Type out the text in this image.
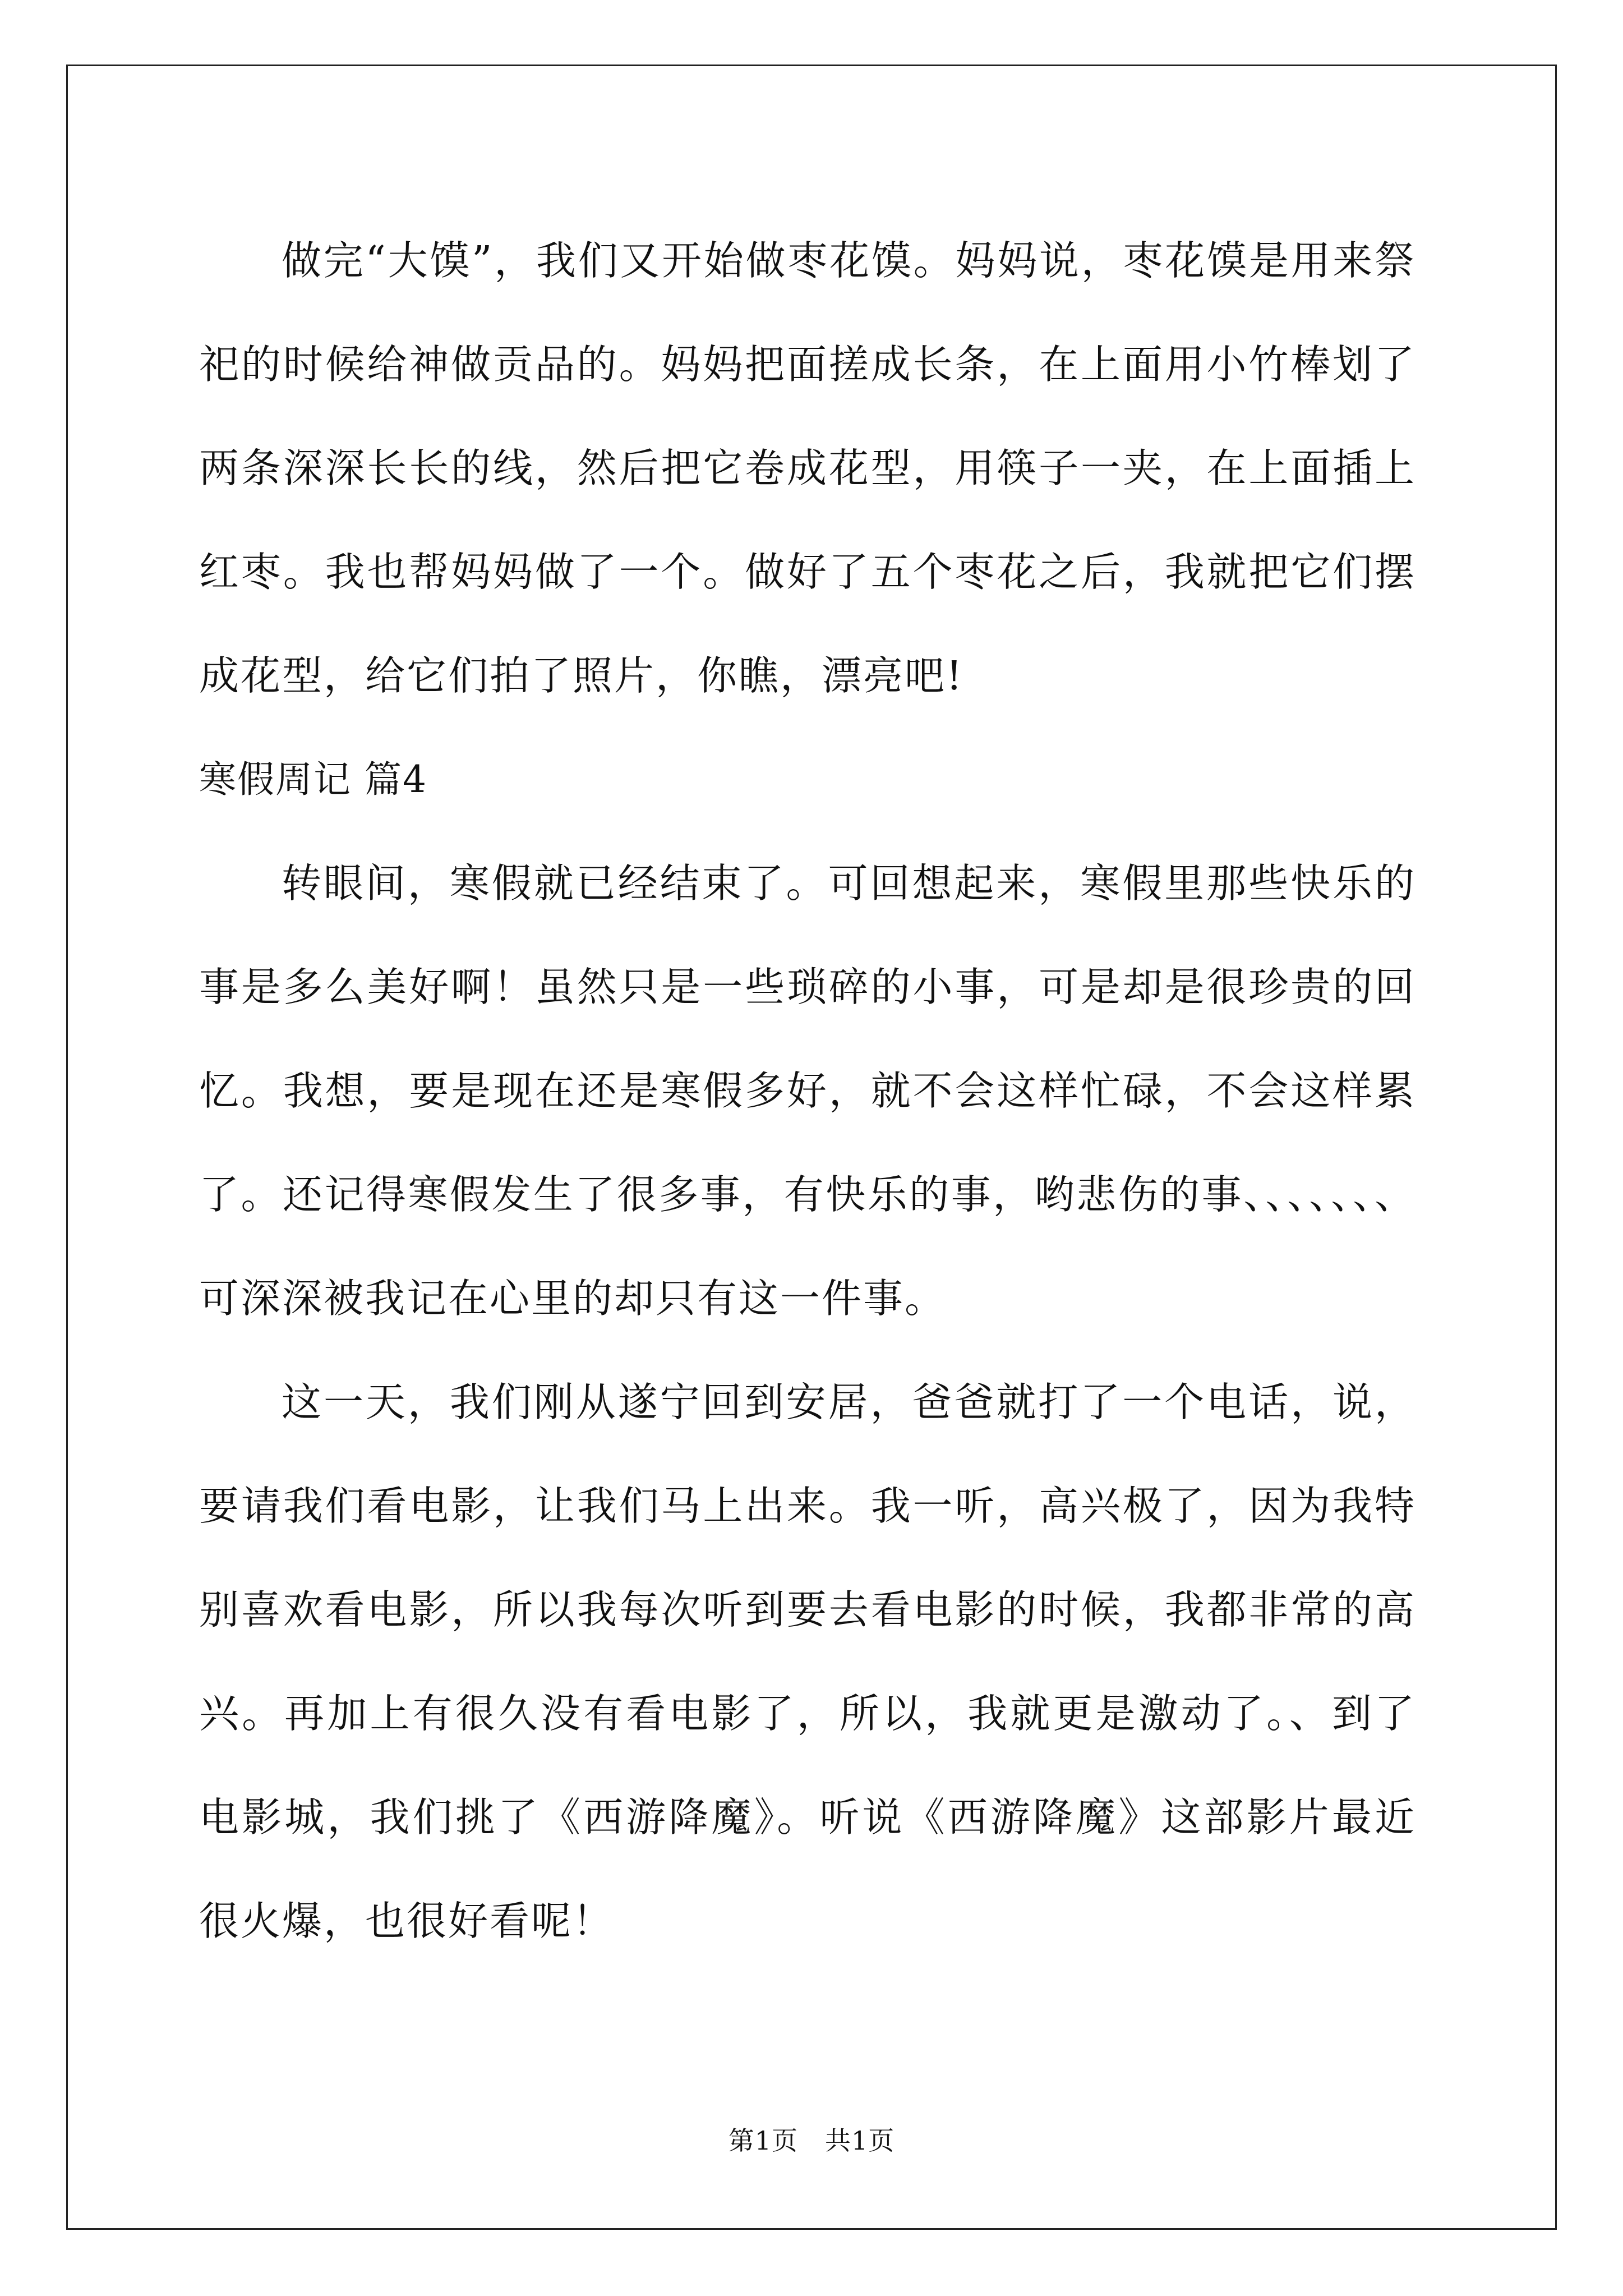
做完“大馍”，我们又开始做枣花馍。妈妈说，枣花馍是用来祭祀的时候给神做贡品的。妈妈把面搓成长条，在上面用小竹棒划了两条深深长长的线，然后把它卷成花型，用筷子一夹，在上面插上红枣。我也帮妈妈做了一个。做好了五个枣花之后，我就把它们摆成花型，给它们拍了照片，你瞧，漂亮吧!

寒假周记 篇4

转眼间，寒假就已经结束了。可回想起来，寒假里那些快乐的事是多么美好啊！虽然只是一些琐碎的小事，可是却是很珍贵的回忆。我想，要是现在还是寒假多好，就不会这样忙碌，不会这样累了。还记得寒假发生了很多事，有快乐的事，哟悲伤的事、、、、、、、可深深被我记在心里的却只有这一件事。

这一天，我们刚从遂宁回到安居，爸爸就打了一个电话，说，要请我们看电影，让我们马上出来。我一听，高兴极了，因为我特别喜欢看电影，所以我每次听到要去看电影的时候，我都非常的高兴。再加上有很久没有看电影了，所以，我就更是激动了。、到了电影城，我们挑了《西游降魔》。听说《西游降魔》这部影片最近很火爆，也很好看呢！

第1页 共1页
